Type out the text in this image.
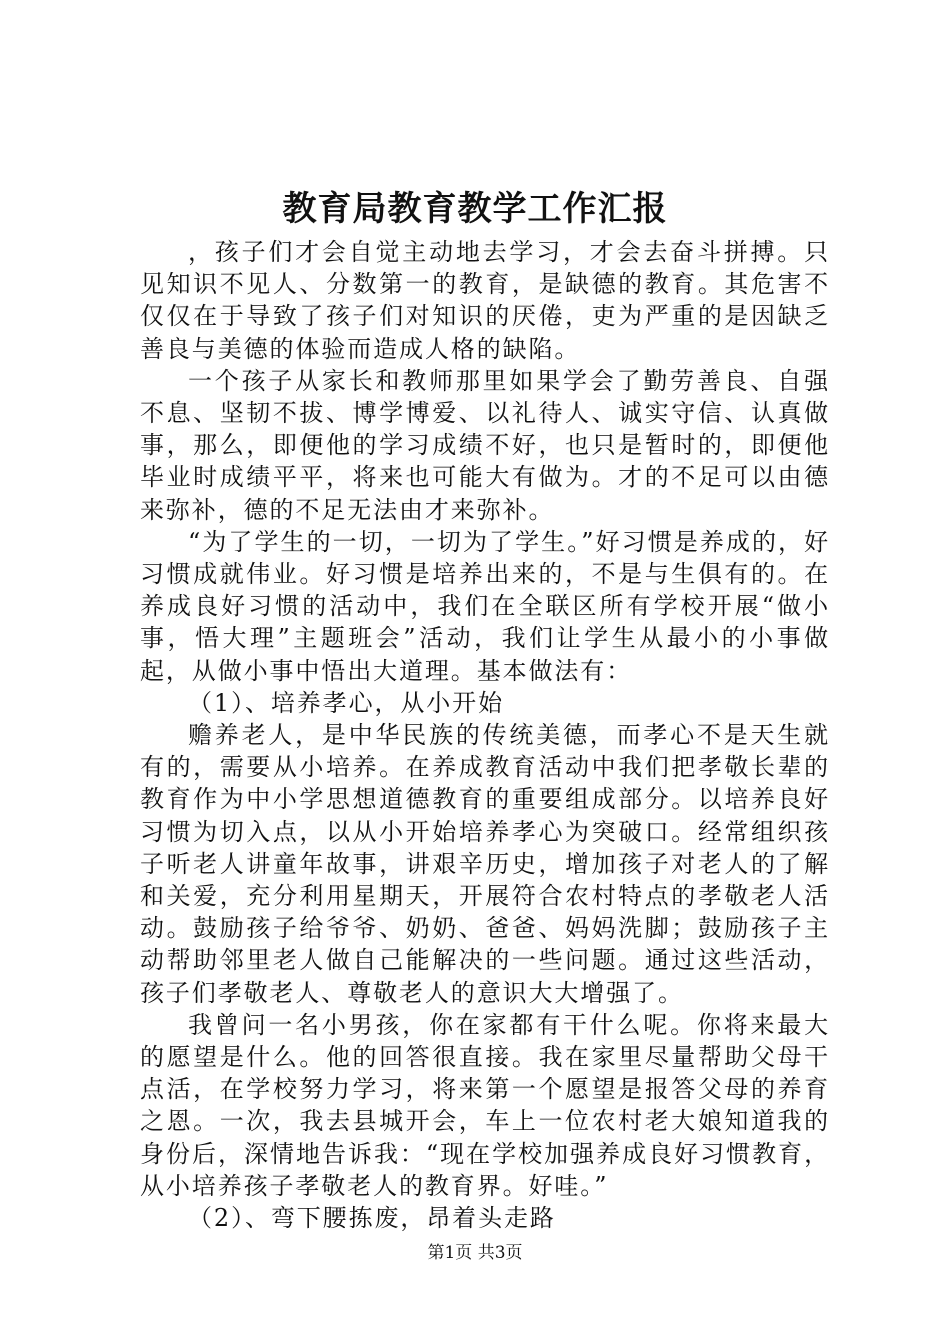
教育局教育教学工作汇报

，孩子们才会自觉主动地去学习，才会去奋斗拼搏。只见知识不见人、分数第一的教育，是缺德的教育。其危害不仅仅在于导致了孩子们对知识的厌倦，吏为严重的是因缺乏善良与美德的体验而造成人格的缺陷。

一个孩子从家长和教师那里如果学会了勤劳善良、自强不息、坚韧不拔、博学博爱、以礼待人、诚实守信、认真做事，那么，即便他的学习成绩不好，也只是暂时的，即便他毕业时成绩平平，将来也可能大有做为。才的不足可以由德来弥补，德的不足无法由才来弥补。

“为了学生的一切，一切为了学生。”好习惯是养成的，好习惯成就伟业。好习惯是培养出来的，不是与生俱有的。在养成良好习惯的活动中，我们在全联区所有学校开展“做小事，悟大理”主题班会”活动，我们让学生从最小的小事做起，从做小事中悟出大道理。基本做法有：

（1）、培养孝心，从小开始

赡养老人，是中华民族的传统美德，而孝心不是天生就有的，需要从小培养。在养成教育活动中我们把孝敬长辈的教育作为中小学思想道德教育的重要组成部分。以培养良好习惯为切入点，以从小开始培养孝心为突破口。经常组织孩子听老人讲童年故事，讲艰辛历史，增加孩子对老人的了解和关爱，充分利用星期天，开展符合农村特点的孝敬老人活动。鼓励孩子给爷爷、奶奶、爸爸、妈妈洗脚；鼓励孩子主动帮助邻里老人做自己能解决的一些问题。通过这些活动，孩子们孝敬老人、尊敬老人的意识大大增强了。

我曾问一名小男孩，你在家都有干什么呢。你将来最大的愿望是什么。他的回答很直接。我在家里尽量帮助父母干点活，在学校努力学习，将来第一个愿望是报答父母的养育之恩。一次，我去县城开会，车上一位农村老大娘知道我的身份后，深情地告诉我：“现在学校加强养成良好习惯教育，从小培养孩子孝敬老人的教育界。好哇。”

（2）、弯下腰拣废，昂着头走路

第1页 共3页
